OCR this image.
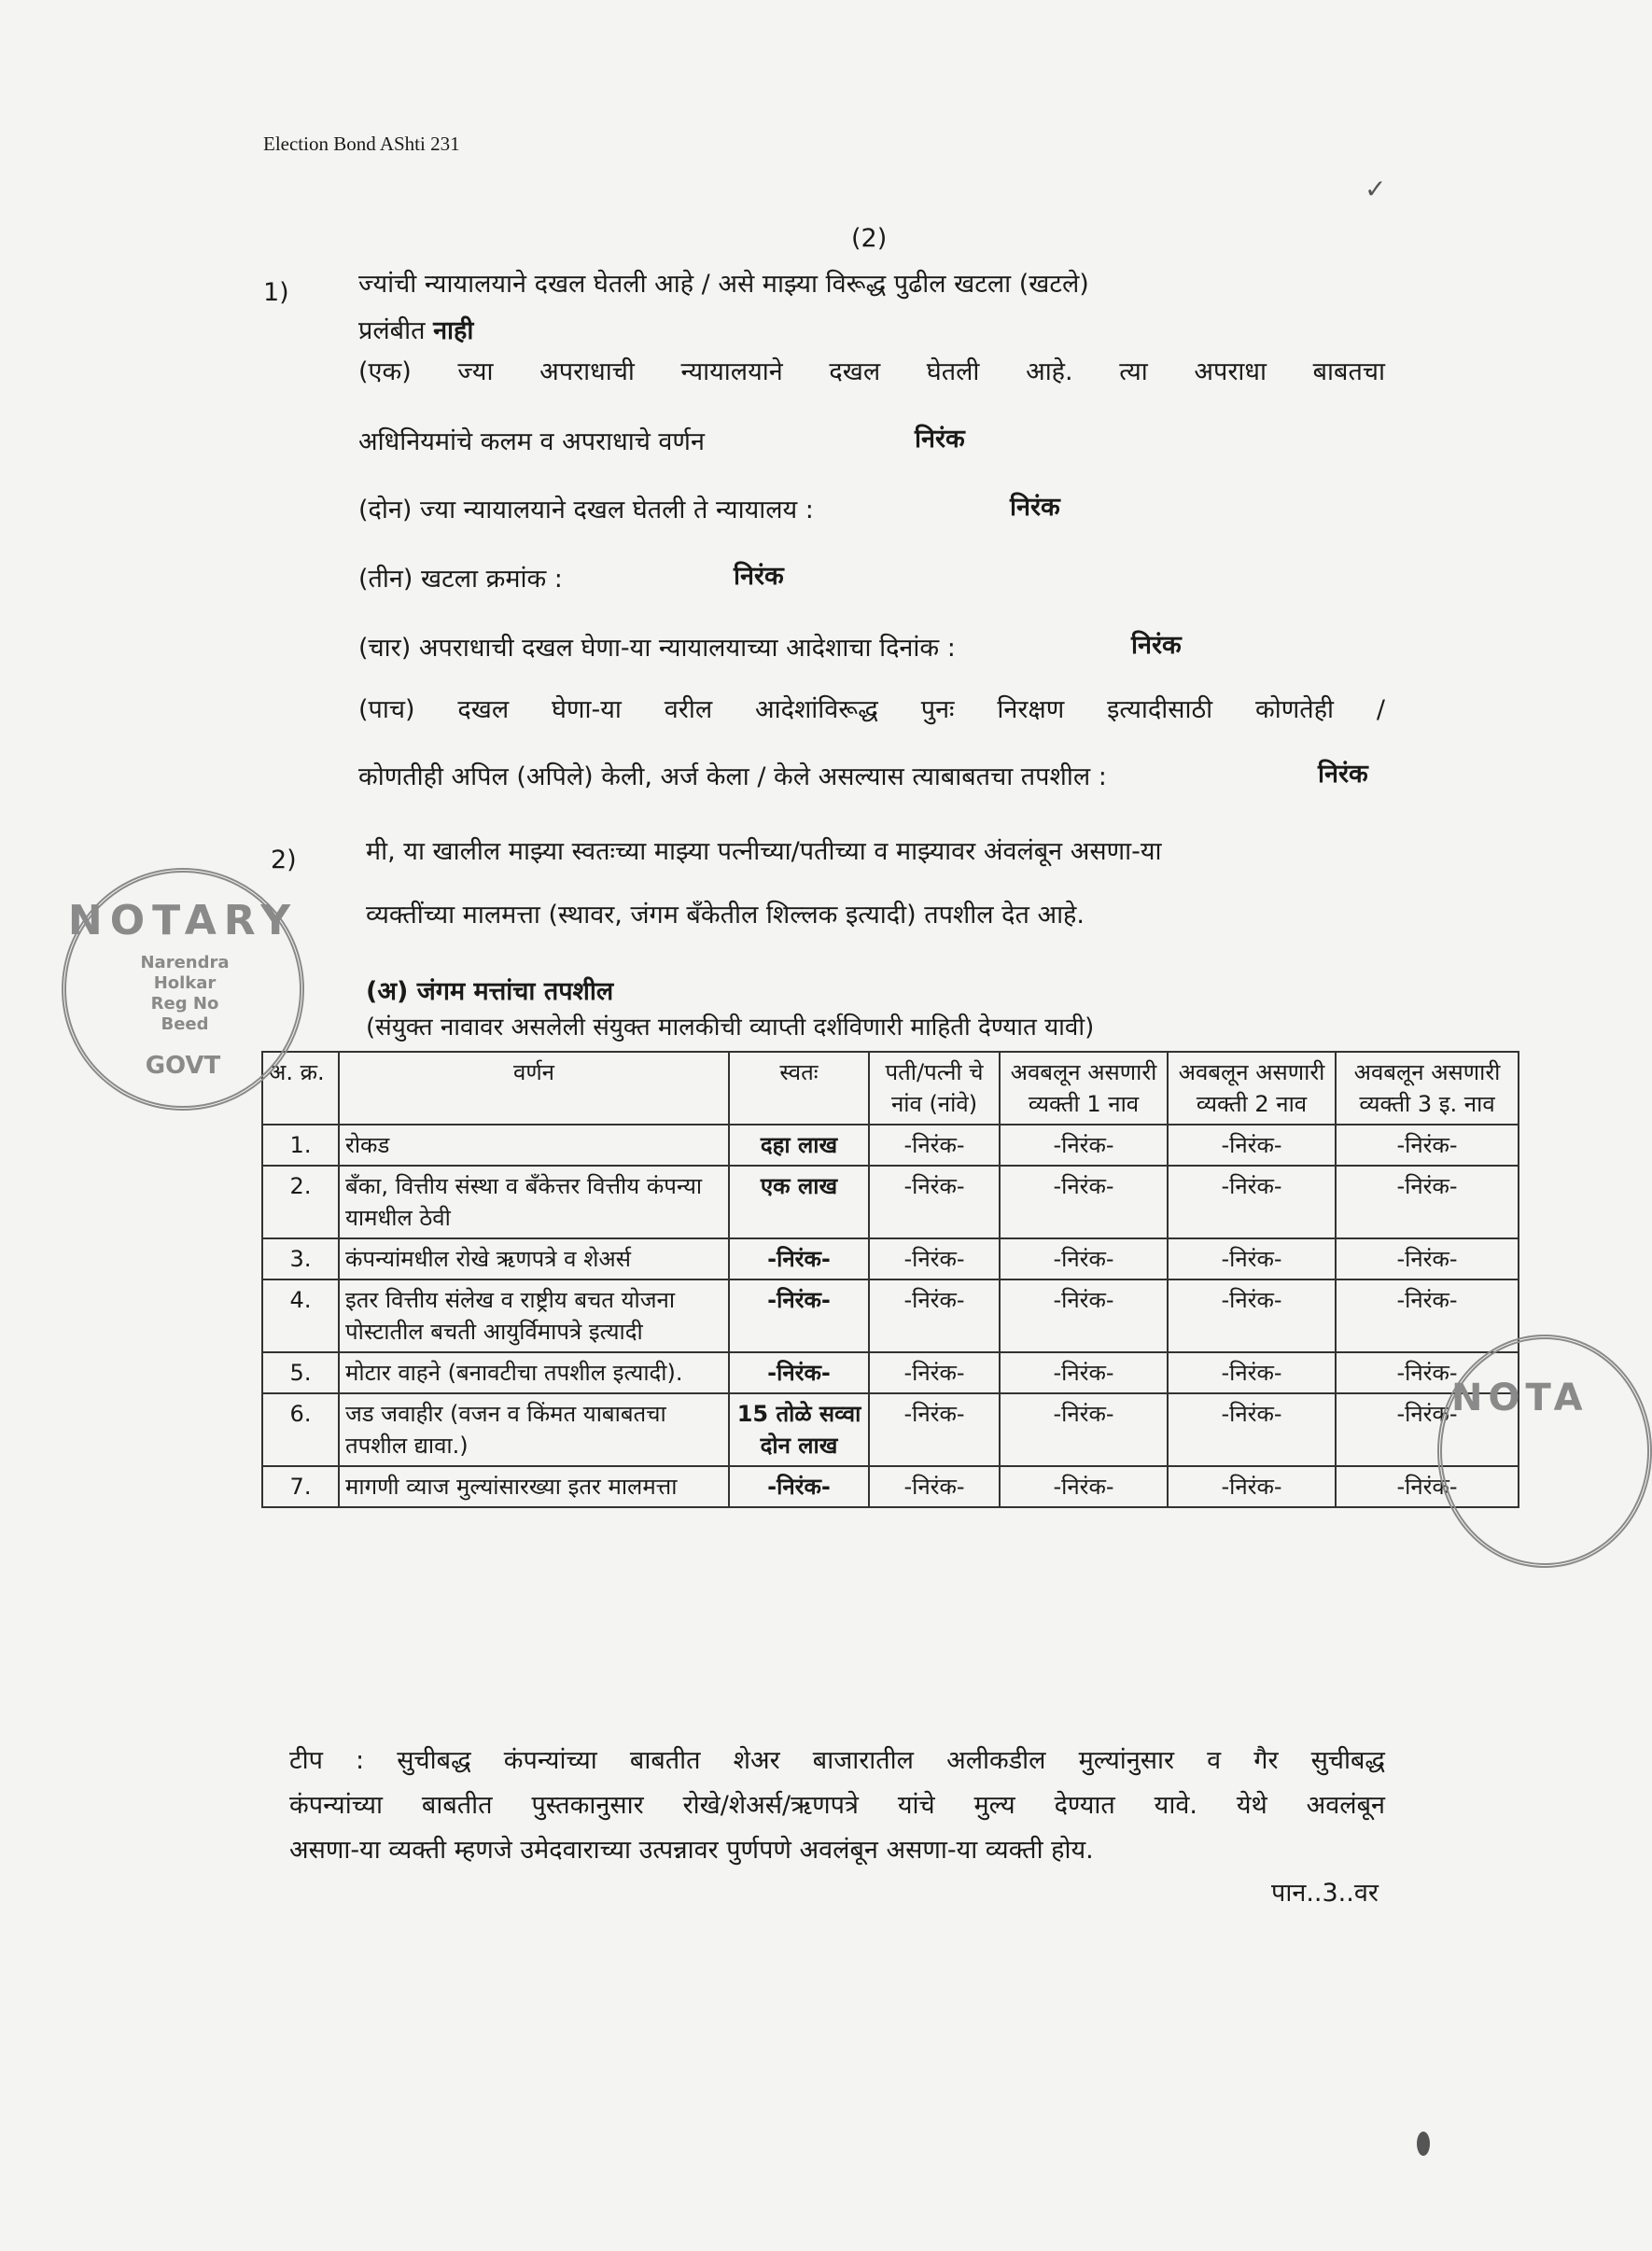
Election Bond AShti 231
✓
(2)
1)	ज्यांची न्यायालयाने दखल घेतली आहे / असे माझ्या विरूद्ध पुढील खटला (खटले)
प्रलंबीत नाही
(एक) ज्या अपराधाची न्यायालयाने दखल घेतली आहे. त्या अपराधा बाबतचा
अधिनियमांचे कलम व अपराधाचे वर्णन	निरंक
(दोन) ज्या न्यायालयाने दखल घेतली ते न्यायालय :	निरंक
(तीन) खटला क्रमांक :	निरंक
(चार) अपराधाची दखल घेणा-या न्यायालयाच्या आदेशाचा दिनांक :	निरंक
(पाच) दखल घेणा-या वरील आदेशांविरूद्ध पुनः निरक्षण इत्यादीसाठी कोणतेही /
कोणतीही अपिल (अपिले) केली, अर्ज केला / केले असल्यास त्याबाबतचा तपशील :	निरंक
2)	मी, या खालील माझ्या स्वतःच्या माझ्या पत्नीच्या/पतीच्या व माझ्यावर अंवलंबून असणा-या
व्यक्तींच्या मालमत्ता (स्थावर, जंगम बँकेतील शिल्लक इत्यादी) तपशील देत आहे.
(अ) जंगम मत्तांचा तपशील
(संयुक्त नावावर असलेली संयुक्त मालकीची व्याप्ती दर्शविणारी माहिती देण्यात यावी)
अ. क्र.	वर्णन	स्वतः	पती/पत्नी चे नांव (नांवे)	अवबलून असणारी व्यक्ती 1 नाव	अवबलून असणारी व्यक्ती 2 नाव	अवबलून असणारी व्यक्ती 3 इ. नाव
1.	रोकड	दहा लाख	-निरंक-	-निरंक-	-निरंक-	-निरंक-
2.	बँका, वित्तीय संस्था व बँकेत्तर वित्तीय कंपन्या यामधील ठेवी	एक लाख	-निरंक-	-निरंक-	-निरंक-	-निरंक-
3.	कंपन्यांमधील रोखे ऋणपत्रे व शेअर्स	-निरंक-	-निरंक-	-निरंक-	-निरंक-	-निरंक-
4.	इतर वित्तीय संलेख व राष्ट्रीय बचत योजना पोस्टातील बचती आयुर्विमापत्रे इत्यादी	-निरंक-	-निरंक-	-निरंक-	-निरंक-	-निरंक-
5.	मोटार वाहने (बनावटीचा तपशील इत्यादी).	-निरंक-	-निरंक-	-निरंक-	-निरंक-	-निरंक-
6.	जड जवाहीर (वजन व किंमत याबाबतचा तपशील द्यावा.)	15 तोळे सव्वा दोन लाख	-निरंक-	-निरंक-	-निरंक-	-निरंक-
7.	मागणी व्याज मुल्यांसारख्या इतर मालमत्ता	-निरंक-	-निरंक-	-निरंक-	-निरंक-	-निरंक-
टीप : सुचीबद्ध कंपन्यांच्या बाबतीत शेअर बाजारातील अलीकडील मुल्यांनुसार व गैर सुचीबद्ध
कंपन्यांच्या बाबतीत पुस्तकानुसार रोखे/शेअर्स/ऋणपत्रे यांचे मुल्य देण्यात यावे. येथे अवलंबून
असणा-या व्यक्ती म्हणजे उमेदवाराच्या उत्पन्नावर पुर्णपणे अवलंबून असणा-या व्यक्ती होय.
पान..3..वर
NOTARY
Narendra Holkar Reg No Beed
GOVT
NOTA
